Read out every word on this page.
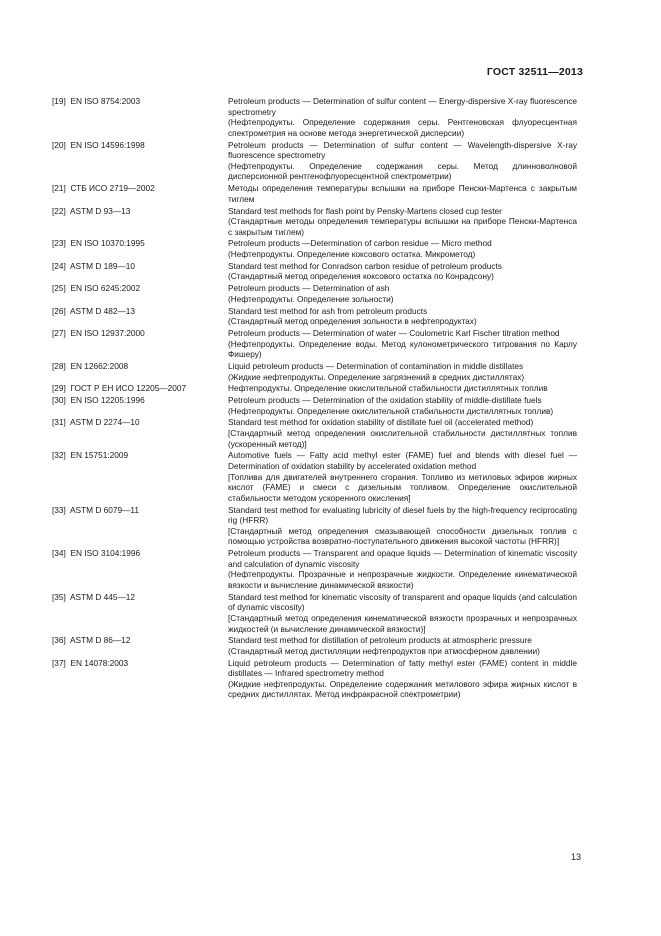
ГОСТ 32511—2013
[19] EN ISO 8754:2003	Petroleum products — Determination of sulfur content — Energy-dispersive X-ray fluorescence spectrometry

(Нефтепродукты. Определение содержания серы. Рентгеновская флуоресцентная спектрометрия на основе метода энергетической дисперсии)

[20] EN ISO 14596:1998	Petroleum products — Determination of sulfur content — Wavelength-dispersive X-ray fluorescence spectrometry

(Нефтепродукты. Определение содержания серы. Метод длинноволновой дисперсионной рентгенофлуоресцентной спектрометрии)

[21] СТБ ИСО 2719—2002	Методы определения температуры вспышки на приборе Пенски-Мартенса с закрытым тиглем

[22] ASTM D 93—13	Standard test methods for flash point by Pensky-Martens closed cup tester

(Стандартные методы определения температуры вспышки на приборе Пенски-Мартенса с закрытым тиглем)

[23] EN ISO 10370:1995	Petroleum products —Determination of carbon residue — Micro method

(Нефтепродукты. Определение коксового остатка. Микрометод)

[24] ASTM D 189—10	Standard test method for Conradson carbon residue of petroleum products

(Стандартный метод определения коксового остатка по Конрадсону)

[25] EN ISO 6245:2002	Petroleum products — Determination of ash

(Нефтепродукты. Определение зольности)

[26] ASTM D 482—13	Standard test method for ash from petroleum products

(Стандартный метод определения зольности в нефтепродуктах)

[27] EN ISO 12937:2000	Petroleum products — Determination of water — Coulometric Karl Fischer titration method

(Нефтепродукты. Определение воды. Метод кулонометрического титрования по Карлу Фишеру)

[28] EN 12662:2008	Liquid petroleum products — Determination of contamination in middle distillates

(Жидкие нефтепродукты. Определение загрязнений в средних дистиллятах)

[29] ГОСТ Р ЕН ИСО 12205—2007	Нефтепродукты. Определение окислительной стабильности дистиллятных топлив

[30] EN ISO 12205:1996	Petroleum products — Determination of the oxidation stability of middle-distillate fuels

(Нефтепродукты. Определение окислительной стабильности дистиллятных топлив)

[31] ASTM D 2274—10	Standard test method for oxidation stability of distillate fuel oil (accelerated method)

[Стандартный метод определения окислительной стабильности дистиллятных топлив (ускоренный метод)]

[32] EN 15751:2009	Automotive fuels — Fatty acid methyl ester (FAME) fuel and blends with diesel fuel — Determination of oxidation stability by accelerated oxidation method

[Топлива для двигателей внутреннего сгорания. Топливо из метиловых эфиров жирных кислот (FAME) и смеси с дизельным топливом. Определение окислительной стабильности методом ускоренного окисления]

[33] ASTM D 6079—11	Standard test method for evaluating lubricity of diesel fuels by the high-frequency reciprocating rig (HFRR)

[Стандартный метод определения смазывающей способности дизельных топлив с помощью устройства возвратно-поступательного движения высокой частоты (HFRR)]

[34] EN ISO 3104:1996	Petroleum products — Transparent and opaque liquids — Determination of kinematic viscosity and calculation of dynamic viscosity

(Нефтепродукты. Прозрачные и непрозрачные жидкости. Определение кинематической вязкости и вычисление динамической вязкости)

[35] ASTM D 445—12	Standard test method for kinematic viscosity of transparent and opaque liquids (and calculation of dynamic viscosity)

[Стандартный метод определения кинематической вязкости прозрачных и непрозрачных жидкостей (и вычисление динамической вязкости)]

[36] ASTM D 86—12	Standard test method for distillation of petroleum products at atmospheric pressure

(Стандартный метод дистилляции нефтепродуктов при атмосферном давлении)

[37] EN 14078:2003	Liquid petroleum products — Determination of fatty methyl ester (FAME) content in middle distillates — Infrared spectrometry method

(Жидкие нефтепродукты. Определение содержания метилового эфира жирных кислот в средних дистиллятах. Метод инфракрасной спектрометрии)

13
